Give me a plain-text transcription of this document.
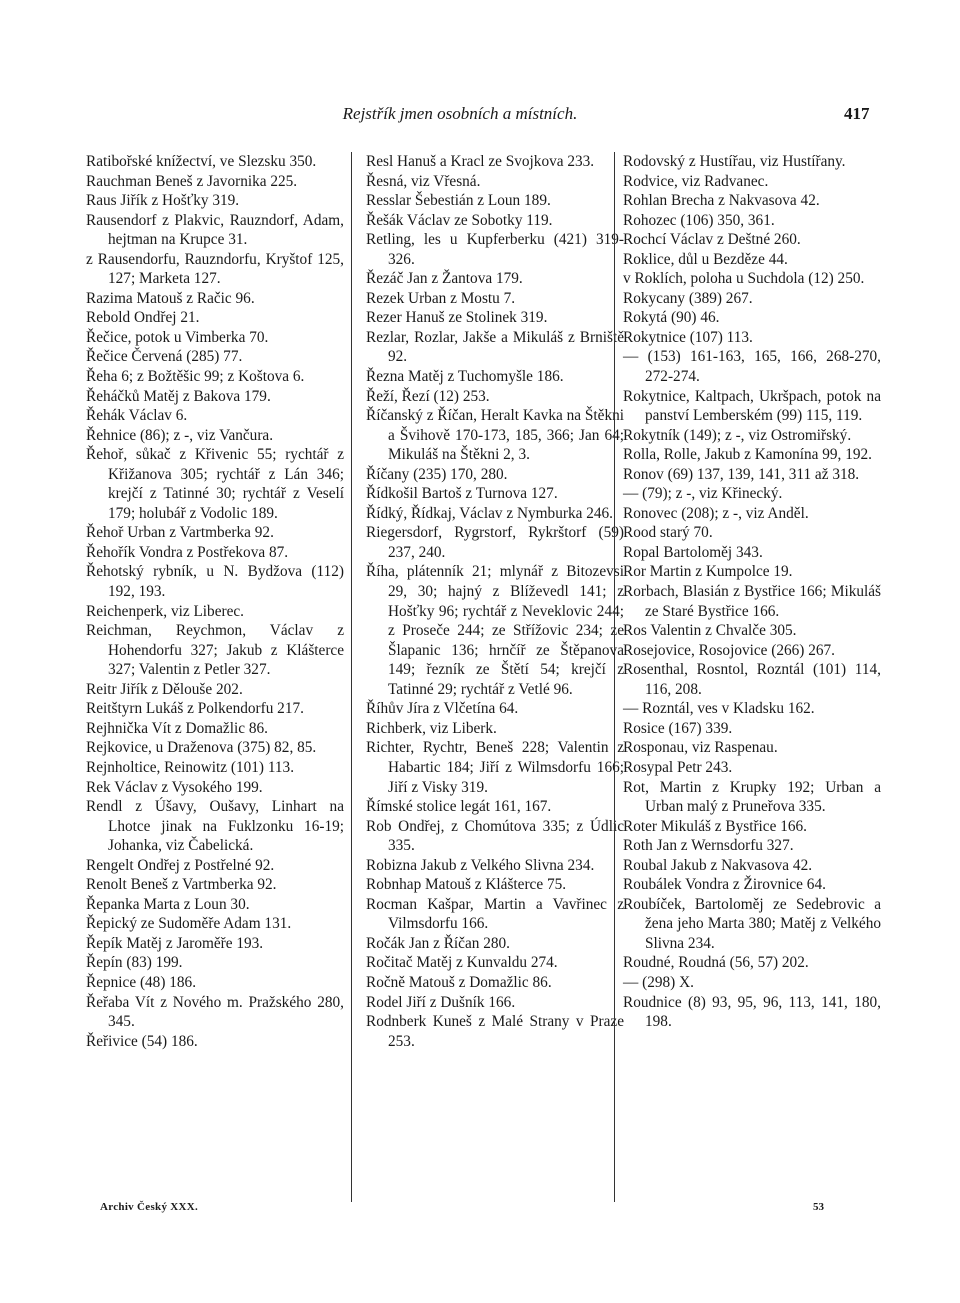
Rejstřík jmen osobních a místních.	417
Ratibořské knížectví, ve Slezsku 350.
Rauchman Beneš z Javornika 225.
Raus Jiřík z Hošťky 319.
Rausendorf z Plakvic, Rauzndorf, Adam, hejtman na Krupce 31.
z Rausendorfu, Rauzndorfu, Kryštof 125, 127; Marketa 127.
Razima Matouš z Račic 96.
Rebold Ondřej 21.
Řečice, potok u Vimberka 70.
Řečice Červená (285) 77.
Řeha 6; z Božtěšic 99; z Koštova 6.
Řeháčků Matěj z Bakova 179.
Řehák Václav 6.
Řehnice (86); z -, viz Vančura.
Řehoř, sůkač z Křivenic 55; rychtář z Křižanova 305; rychtář z Lán 346; krejčí z Tatinné 30; rychtář z Veselí 179; holubář z Vodolic 189.
Řehoř Urban z Vartmberka 92.
Řehořík Vondra z Postřekova 87.
Řehotský rybník, u N. Bydžova (112) 192, 193.
Reichenperk, viz Liberec.
Reichman, Reychmon, Václav z Hohendorfu 327; Jakub z Klášterce 327; Valentin z Petler 327.
Reitr Jiřík z Dělouše 202.
Reitštyrn Lukáš z Polkendorfu 217.
Rejhnička Vít z Domažlic 86.
Rejkovice, u Draženova (375) 82, 85.
Rejnholtice, Reinowitz (101) 113.
Rek Václav z Vysokého 199.
Rendl z Úšavy, Oušavy, Linhart na Lhotce jinak na Fuklzonku 16-19; Johanka, viz Čabelická.
Rengelt Ondřej z Postřelné 92.
Renolt Beneš z Vartmberka 92.
Řepanka Marta z Loun 30.
Řepický ze Sudoměře Adam 131.
Řepík Matěj z Jaroměře 193.
Řepín (83) 199.
Řepnice (48) 186.
Řeřaba Vít z Nového m. Pražského 280, 345.
Řeřivice (54) 186.
Resl Hanuš a Kracl ze Svojkova 233.
Řesná, viz Vřesná.
Resslar Šebestián z Loun 189.
Řešák Václav ze Sobotky 119.
Retling, les u Kupferberku (421) 319-326.
Řezáč Jan z Žantova 179.
Rezek Urban z Mostu 7.
Rezer Hanuš ze Stolinek 319.
Rezlar, Rozlar, Jakše a Mikuláš z Brniště 92.
Řezna Matěj z Tuchomyšle 186.
Řeží, Řezí (12) 253.
Říčanský z Říčan, Heralt Kavka na Štěkni a Švihově 170-173, 185, 366; Jan 64; Mikuláš na Štěkni 2, 3.
Říčany (235) 170, 280.
Řídkošil Bartoš z Turnova 127.
Řídký, Řídkaj, Václav z Nymburka 246.
Riegersdorf, Rygrstorf, Rykrštorf (59) 237, 240.
Říha, plátenník 21; mlynář z Bitozevsi 29, 30; hajný z Blíževedl 141; z Hošťky 96; rychtář z Neveklovic 244; z Proseče 244; ze Střížovic 234; ze Šlapanic 136; hrnčíř ze Štěpanova 149; řezník ze Štětí 54; krejčí z Tatinné 29; rychtář z Vetlé 96.
Říhův Jíra z Vlčetína 64.
Richberk, viz Liberk.
Richter, Rychtr, Beneš 228; Valentin z Habartic 184; Jiří z Wilmsdorfu 166; Jiří z Visky 319.
Římské stolice legát 161, 167.
Rob Ondřej, z Chomútova 335; z Údlic 335.
Robizna Jakub z Velkého Slivna 234.
Robnhap Matouš z Klášterce 75.
Rocman Kašpar, Martin a Vavřinec z Vilmsdorfu 166.
Ročák Jan z Říčan 280.
Ročitač Matěj z Kunvaldu 274.
Ročně Matouš z Domažlic 86.
Rodel Jiří z Dušník 166.
Rodnberk Kuneš z Malé Strany v Praze 253.
Rodovský z Hustířau, viz Hustířany.
Rodvice, viz Radvanec.
Rohlan Brecha z Nakvasova 42.
Rohozec (106) 350, 361.
Rochcí Václav z Deštné 260.
Roklice, důl u Bezděze 44.
v Roklích, poloha u Suchdola (12) 250.
Rokycany (389) 267.
Rokytá (90) 46.
Rokytnice (107) 113.
— (153) 161-163, 165, 166, 268-270, 272-274.
Rokytnice, Kaltpach, Ukršpach, potok na panství Lemberském (99) 115, 119.
Rokytník (149); z -, viz Ostromiřský.
Rolla, Rolle, Jakub z Kamonína 99, 192.
Ronov (69) 137, 139, 141, 311 až 318.
— (79); z -, viz Křinecký.
Ronovec (208); z -, viz Anděl.
Rood starý 70.
Ropal Bartoloměj 343.
Ror Martin z Kumpolce 19.
Rorbach, Blasián z Bystřice 166; Mikuláš ze Staré Bystřice 166.
Ros Valentin z Chvalče 305.
Rosejovice, Rosojovice (266) 267.
Rosenthal, Rosntol, Rozntál (101) 114, 116, 208.
— Rozntál, ves v Kladsku 162.
Rosice (167) 339.
Rosponau, viz Raspenau.
Rosypal Petr 243.
Rot, Martin z Krupky 192; Urban a Urban malý z Pruneřova 335.
Roter Mikuláš z Bystřice 166.
Roth Jan z Wernsdorfu 327.
Roubal Jakub z Nakvasova 42.
Roubálek Vondra z Žirovnice 64.
Roubíček, Bartoloměj ze Sedebrovic a žena jeho Marta 380; Matěj z Velkého Slivna 234.
Roudné, Roudná (56, 57) 202.
— (298) X.
Roudnice (8) 93, 95, 96, 113, 141, 180, 198.
Archiv Český XXX.	53
